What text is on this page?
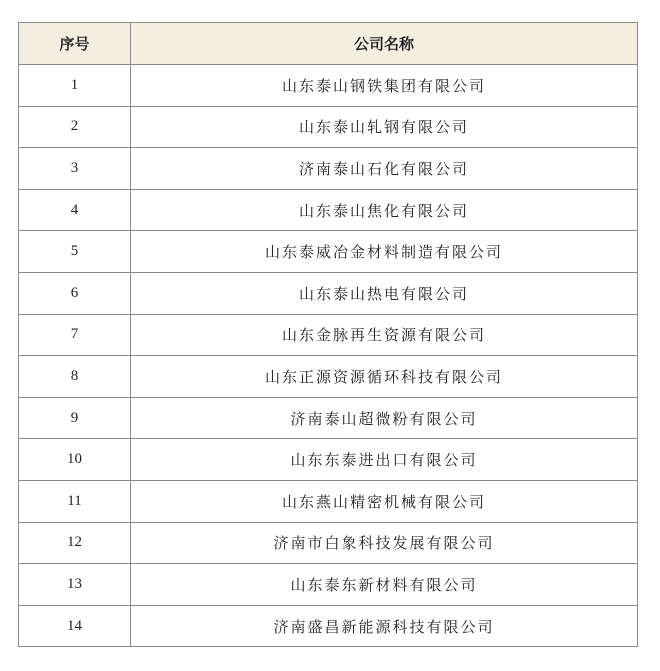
序号	公司名称
1	山东泰山钢铁集团有限公司
2	山东泰山轧钢有限公司
3	济南泰山石化有限公司
4	山东泰山焦化有限公司
5	山东泰威冶金材料制造有限公司
6	山东泰山热电有限公司
7	山东金脉再生资源有限公司
8	山东正源资源循环科技有限公司
9	济南泰山超微粉有限公司
10	山东东泰进出口有限公司
11	山东燕山精密机械有限公司
12	济南市白象科技发展有限公司
13	山东泰东新材料有限公司
14	济南盛昌新能源科技有限公司
